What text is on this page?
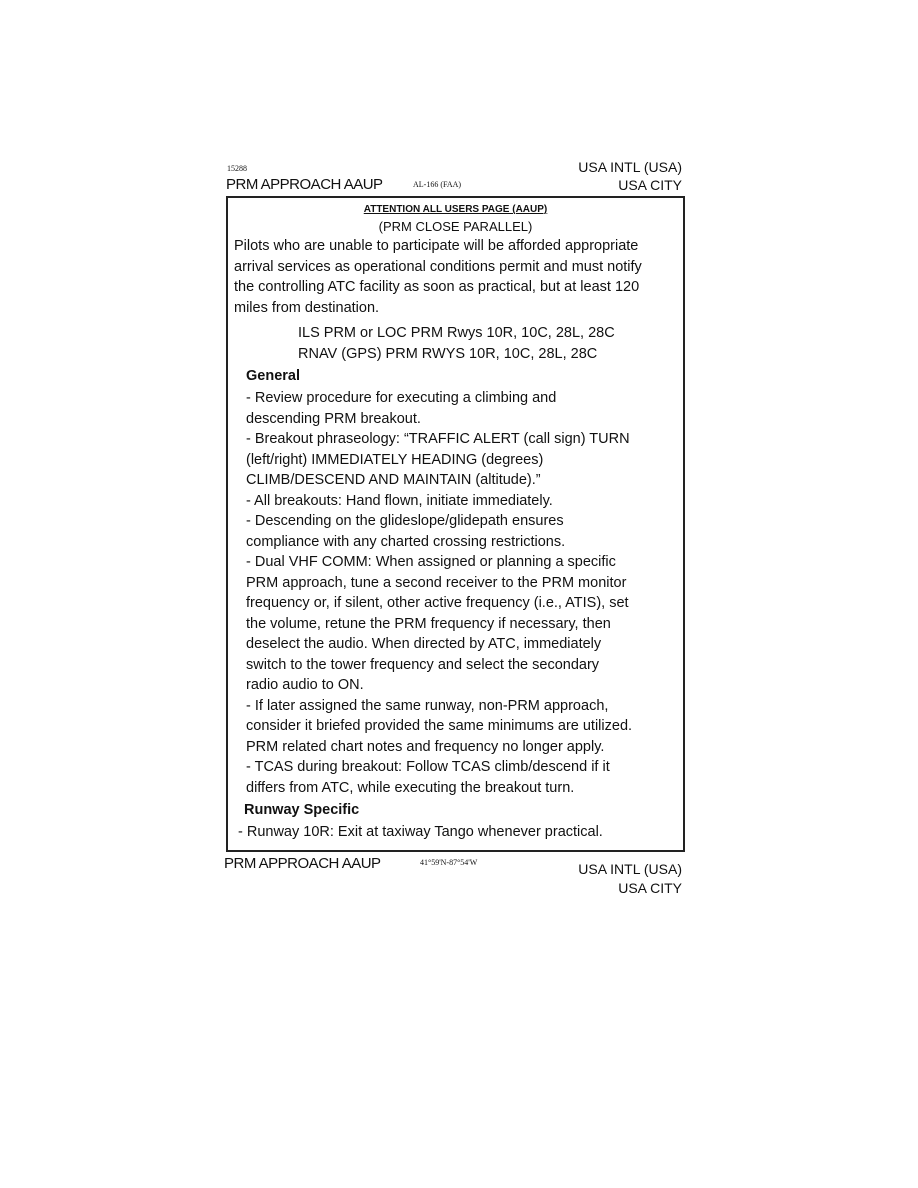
15288
PRM APPROACH AAUP	AL-166 (FAA)
USA INTL (USA)
USA CITY
ATTENTION ALL USERS PAGE (AAUP)
(PRM CLOSE PARALLEL)
Pilots who are unable to participate will be afforded appropriate
arrival services as operational conditions permit and must notify
the controlling ATC facility as soon as practical, but at least 120
miles from destination.
ILS PRM or LOC PRM Rwys 10R, 10C, 28L, 28C
RNAV (GPS) PRM RWYS 10R, 10C, 28L, 28C
General
- Review procedure for executing a climbing and
descending PRM breakout.
- Breakout phraseology: “TRAFFIC ALERT (call sign) TURN
(left/right) IMMEDIATELY HEADING (degrees)
CLIMB/DESCEND AND MAINTAIN (altitude).”
- All breakouts: Hand flown, initiate immediately.
- Descending on the glideslope/glidepath ensures
compliance with any charted crossing restrictions.
- Dual VHF COMM: When assigned or planning a specific
PRM approach, tune a second receiver to the PRM monitor
frequency or, if silent, other active frequency (i.e., ATIS), set
the volume, retune the PRM frequency if necessary, then
deselect the audio. When directed by ATC, immediately
switch to the tower frequency and select the secondary
radio audio to ON.
- If later assigned the same runway, non-PRM approach,
consider it briefed provided the same minimums are utilized.
PRM related chart notes and frequency no longer apply.
- TCAS during breakout: Follow TCAS climb/descend if it
differs from ATC, while executing the breakout turn.
Runway Specific
- Runway 10R: Exit at taxiway Tango whenever practical.
PRM APPROACH AAUP	41°59'N-87°54'W	USA INTL (USA)
USA CITY
